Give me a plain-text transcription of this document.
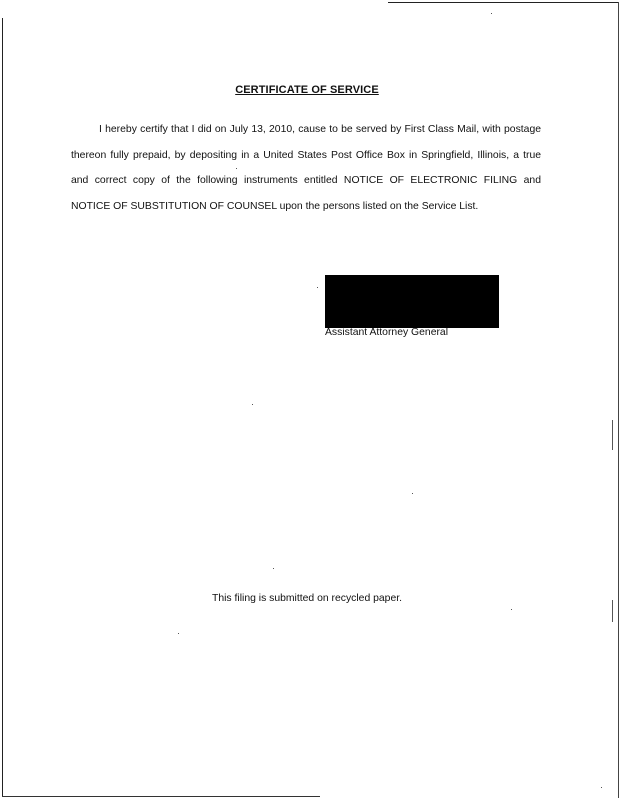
CERTIFICATE OF SERVICE

I hereby certify that I did on July 13, 2010, cause to be served by First Class Mail, with postage thereon fully prepaid, by depositing in a United States Post Office Box in Springfield, Illinois, a true and correct copy of the following instruments entitled NOTICE OF ELECTRONIC FILING and NOTICE OF SUBSTITUTION OF COUNSEL upon the persons listed on the Service List.

Assistant Attorney General
This filing is submitted on recycled paper.
